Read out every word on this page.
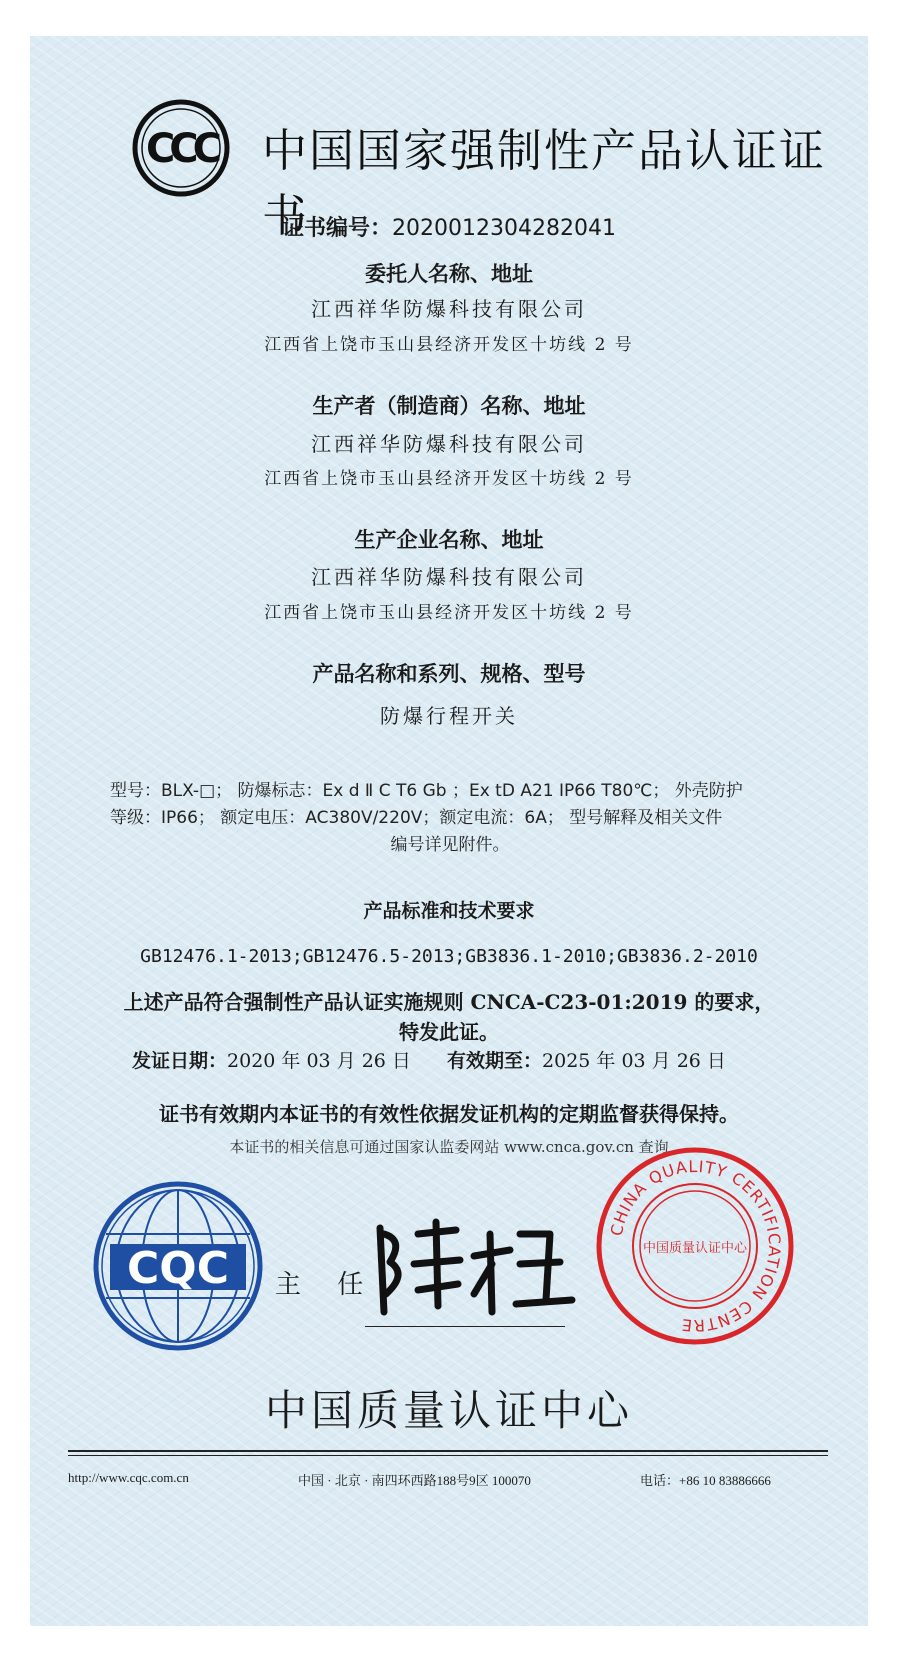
CCC 中国国家强制性产品认证证书
证书编号：2020012304282041
委托人名称、地址
江西祥华防爆科技有限公司
江西省上饶市玉山县经济开发区十坊线 2 号
生产者（制造商）名称、地址
江西祥华防爆科技有限公司
江西省上饶市玉山县经济开发区十坊线 2 号
生产企业名称、地址
江西祥华防爆科技有限公司
江西省上饶市玉山县经济开发区十坊线 2 号
产品名称和系列、规格、型号
防爆行程开关
型号：BLX-□； 防爆标志：Ex d Ⅱ C T6 Gb ；Ex tD A21 IP66 T80℃； 外壳防护
等级：IP66； 额定电压：AC380V/220V；额定电流：6A； 型号解释及相关文件
编号详见附件。
产品标准和技术要求
GB12476.1-2013;GB12476.5-2013;GB3836.1-2010;GB3836.2-2010
上述产品符合强制性产品认证实施规则 CNCA-C23-01:2019 的要求，
特发此证。
发证日期：2020 年 03 月 26 日 有效期至：2025 年 03 月 26 日
证书有效期内本证书的有效性依据发证机构的定期监督获得保持。
本证书的相关信息可通过国家认监委网站 www.cnca.gov.cn 查询
CQC 主 任：
CHINA QUALITY CERTIFICATION CENTRE
中国质量认证中心
中国质量认证中心
http://www.cqc.com.cn	中国 · 北京 · 南四环西路188号9区 100070	电话：+86 10 83886666
